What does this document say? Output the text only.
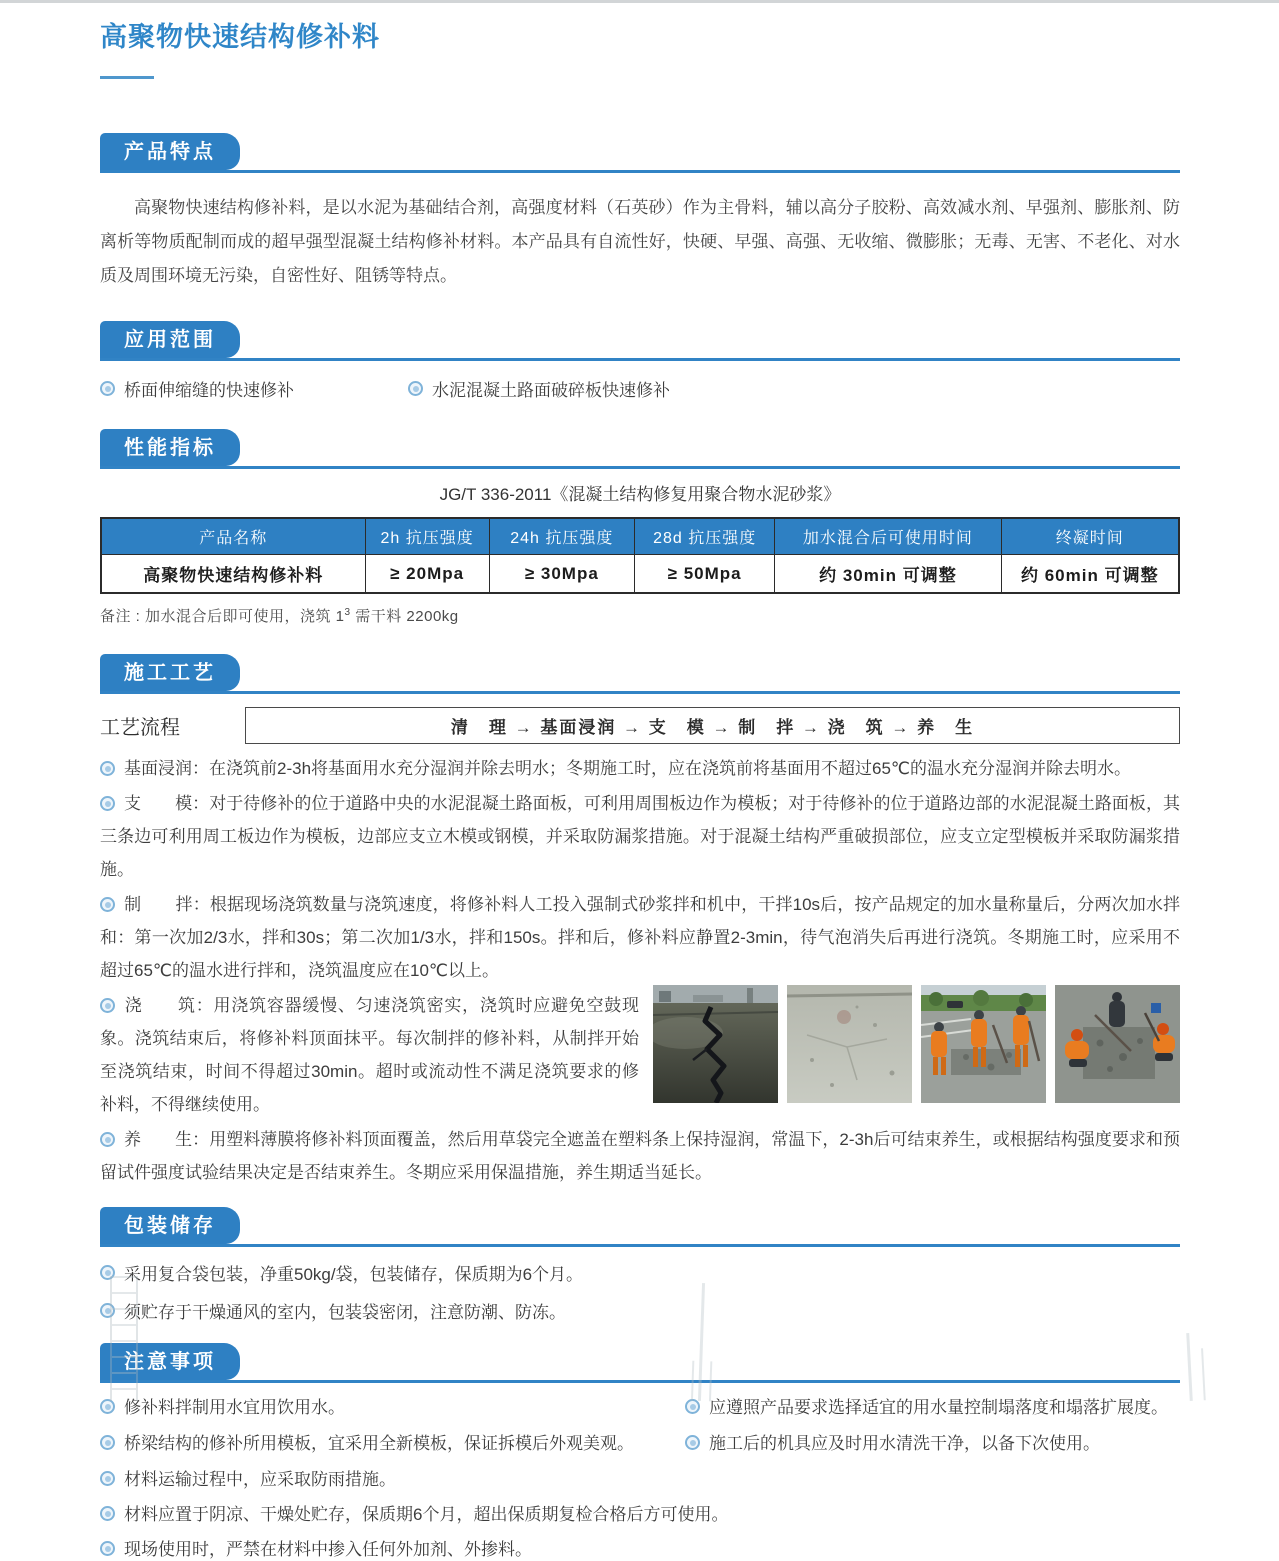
高聚物快速结构修补料
产品特点

高聚物快速结构修补料，是以水泥为基础结合剂，高强度材料（石英砂）作为主骨料，辅以高分子胶粉、高效减水剂、早强剂、膨胀剂、防离析等物质配制而成的超早强型混凝土结构修补材料。本产品具有自流性好，快硬、早强、高强、无收缩、微膨胀；无毒、无害、不老化、对水质及周围环境无污染，自密性好、阻锈等特点。

应用范围
桥面伸缩缝的快速修补	水泥混凝土路面破碎板快速修补
性能指标
JG/T 336-2011《混凝土结构修复用聚合物水泥砂浆》
产品名称	2h 抗压强度	24h 抗压强度	28d 抗压强度	加水混合后可使用时间	终凝时间
高聚物快速结构修补料	≥ 20Mpa	≥ 30Mpa	≥ 50Mpa	约 30min 可调整	约 60min 可调整
备注 : 加水混合后即可使用，浇筑 $1^3$ 需干料 2200kg
施工工艺
工艺流程	清　理 → 基面浸润 → 支　模 → 制　拌 → 浇　筑 → 养　生

基面浸润：在浇筑前2-3h将基面用水充分湿润并除去明水；冬期施工时，应在浇筑前将基面用不超过65℃的温水充分湿润并除去明水。

支　　模：对于待修补的位于道路中央的水泥混凝土路面板，可利用周围板边作为模板；对于待修补的位于道路边部的水泥混凝土路面板，其三条边可利用周工板边作为模板，边部应支立木模或钢模，并采取防漏浆措施。对于混凝土结构严重破损部位，应支立定型模板并采取防漏浆措施。

制　　拌：根据现场浇筑数量与浇筑速度，将修补料人工投入强制式砂浆拌和机中，干拌10s后，按产品规定的加水量称量后，分两次加水拌和：第一次加2/3水，拌和30s；第二次加1/3水，拌和150s。拌和后，修补料应静置2-3min，待气泡消失后再进行浇筑。冬期施工时，应采用不超过65℃的温水进行拌和，浇筑温度应在10℃以上。

浇　　筑：用浇筑容器缓慢、匀速浇筑密实，浇筑时应避免空鼓现象。浇筑结束后，将修补料顶面抹平。每次制拌的修补料，从制拌开始至浇筑结束，时间不得超过30min。超时或流动性不满足浇筑要求的修补料，不得继续使用。

养　　生：用塑料薄膜将修补料顶面覆盖，然后用草袋完全遮盖在塑料条上保持湿润，常温下，2-3h后可结束养生，或根据结构强度要求和预留试件强度试验结果决定是否结束养生。冬期应采用保温措施，养生期适当延长。

包装储存
采用复合袋包装，净重50kg/袋，包装储存，保质期为6个月。
须贮存于干燥通风的室内，包装袋密闭，注意防潮、防冻。
注意事项
修补料拌制用水宜用饮用水。	应遵照产品要求选择适宜的用水量控制塌落度和塌落扩展度。
桥梁结构的修补所用模板，宜采用全新模板，保证拆模后外观美观。	施工后的机具应及时用水清洗干净，以备下次使用。
材料运输过程中，应采取防雨措施。
材料应置于阴凉、干燥处贮存，保质期6个月，超出保质期复检合格后方可使用。
现场使用时，严禁在材料中掺入任何外加剂、外掺料。
